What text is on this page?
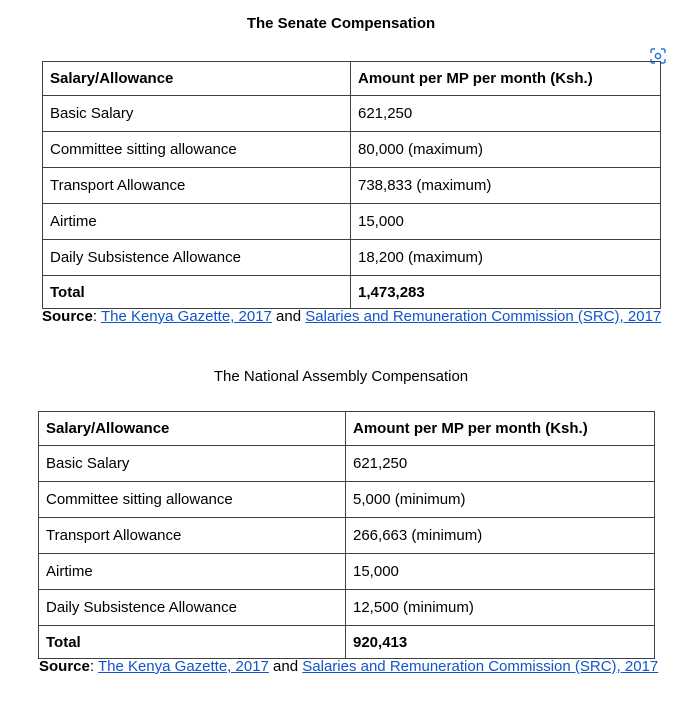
The Senate Compensation
Salary/Allowance	Amount per MP per month (Ksh.)
Basic Salary	621,250
Committee sitting allowance	80,000 (maximum)
Transport Allowance	738,833 (maximum)
Airtime	15,000
Daily Subsistence Allowance	18,200 (maximum)
Total	1,473,283
Source: The Kenya Gazette, 2017 and Salaries and Remuneration Commission (SRC), 2017
The National Assembly Compensation
Salary/Allowance	Amount per MP per month (Ksh.)
Basic Salary	621,250
Committee sitting allowance	5,000 (minimum)
Transport Allowance	266,663 (minimum)
Airtime	15,000
Daily Subsistence Allowance	12,500 (minimum)
Total	920,413
Source: The Kenya Gazette, 2017 and Salaries and Remuneration Commission (SRC), 2017
